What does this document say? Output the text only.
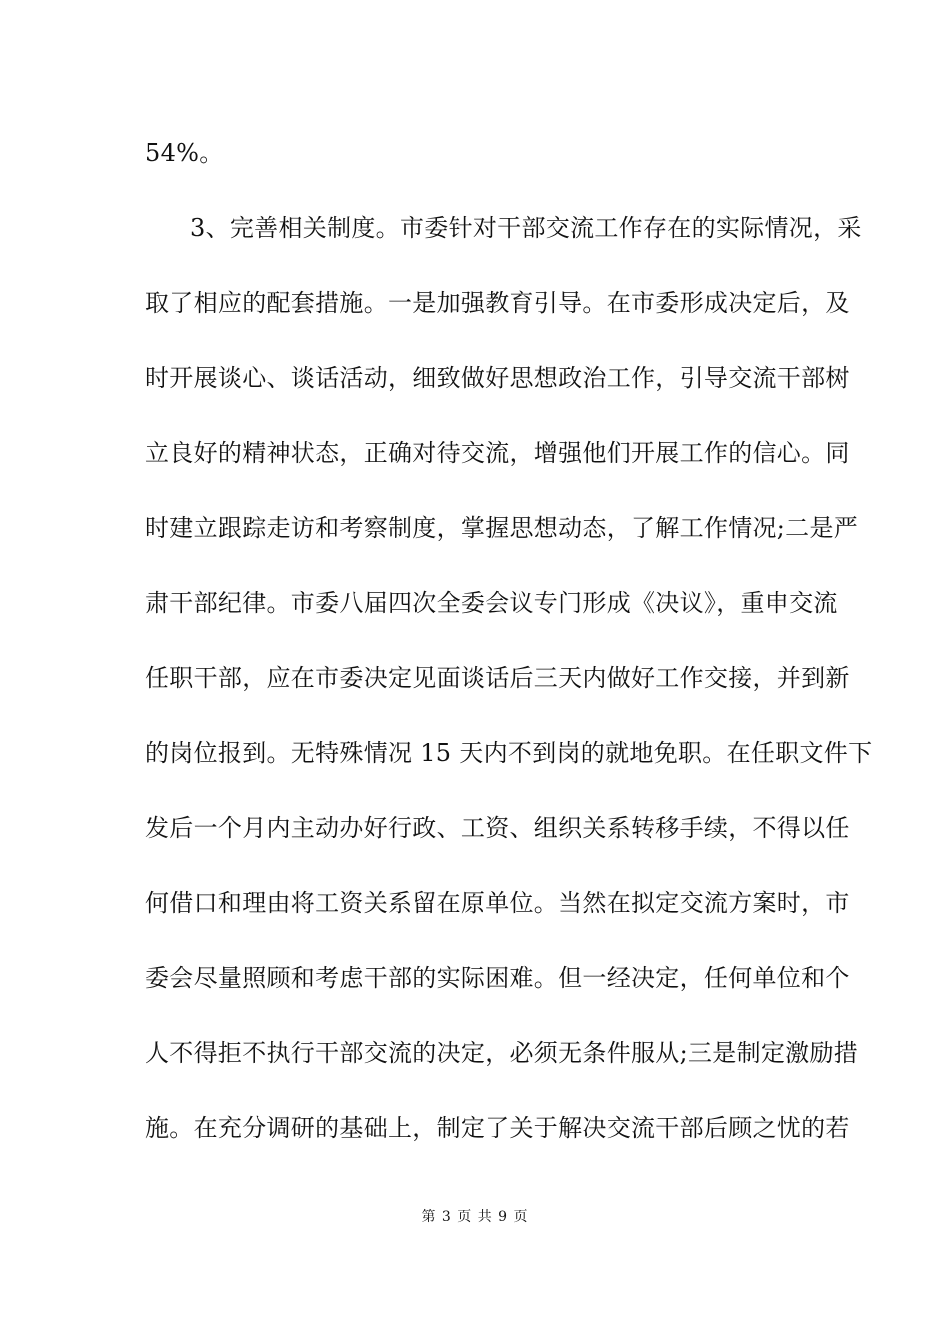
54%。
3、完善相关制度。市委针对干部交流工作存在的实际情况，采
取了相应的配套措施。一是加强教育引导。在市委形成决定后，及
时开展谈心、谈话活动，细致做好思想政治工作，引导交流干部树
立良好的精神状态，正确对待交流，增强他们开展工作的信心。同
时建立跟踪走访和考察制度，掌握思想动态，了解工作情况;二是严
肃干部纪律。市委八届四次全委会议专门形成《决议》，重申交流
任职干部，应在市委决定见面谈话后三天内做好工作交接，并到新
的岗位报到。无特殊情况 15 天内不到岗的就地免职。在任职文件下
发后一个月内主动办好行政、工资、组织关系转移手续，不得以任
何借口和理由将工资关系留在原单位。当然在拟定交流方案时，市
委会尽量照顾和考虑干部的实际困难。但一经决定，任何单位和个
人不得拒不执行干部交流的决定，必须无条件服从;三是制定激励措
施。在充分调研的基础上，制定了关于解决交流干部后顾之忧的若
第 3 页 共 9 页
